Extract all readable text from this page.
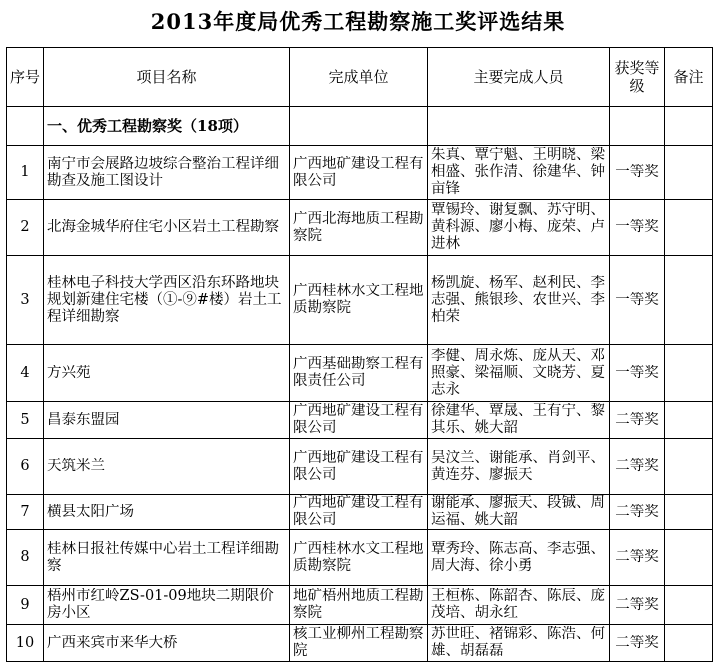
2013年度局优秀工程勘察施工奖评选结果
序号	项目名称	完成单位	主要完成人员	获奖等级	备注

	一、优秀工程勘察奖（18项）				

1	南宁市会展路边坡综合整治工程详细勘查及施工图设计	广西地矿建设工程有限公司	朱真、覃宁魁、王明晓、梁相盛、张作清、徐建华、钟亩锋	一等奖	

2	北海金城华府住宅小区岩土工程勘察	广西北海地质工程勘察院	覃锡玲、谢复飘、苏守明、黄科源、廖小梅、庞荣、卢进林	一等奖	

3	桂林电子科技大学西区沿东环路地块规划新建住宅楼（①-⑨#楼）岩土工程详细勘察	广西桂林水文工程地质勘察院	杨凯旋、杨军、赵利民、李志强、熊银珍、农世兴、李柏荣	一等奖	

4	方兴苑	广西基础勘察工程有限责任公司	李健、周永炼、庞从天、邓照豪、梁福顺、文晓芳、夏志永	一等奖	

5	昌泰东盟园	广西地矿建设工程有限公司	徐建华、覃晟、王有宁、黎其乐、姚大韶	二等奖	

6	天筑米兰	广西地矿建设工程有限公司	吴汶兰、谢能承、肖剑平、黄连芬、廖振天	二等奖	

7	横县太阳广场	广西地矿建设工程有限公司	谢能承、廖振天、段铖、周运福、姚大韶	二等奖	

8	桂林日报社传媒中心岩土工程详细勘察	广西桂林水文工程地质勘察院	覃秀玲、陈志高、李志强、周大海、徐小勇	二等奖	

9	梧州市红岭ZS-01-09地块二期限价房小区	地矿梧州地质工程勘察院	王桓栋、陈韶杏、陈辰、庞茂培、胡永红	二等奖	

10	广西来宾市来华大桥	核工业柳州工程勘察院	苏世旺、褚锦彩、陈浩、何雄、胡磊磊	二等奖	
